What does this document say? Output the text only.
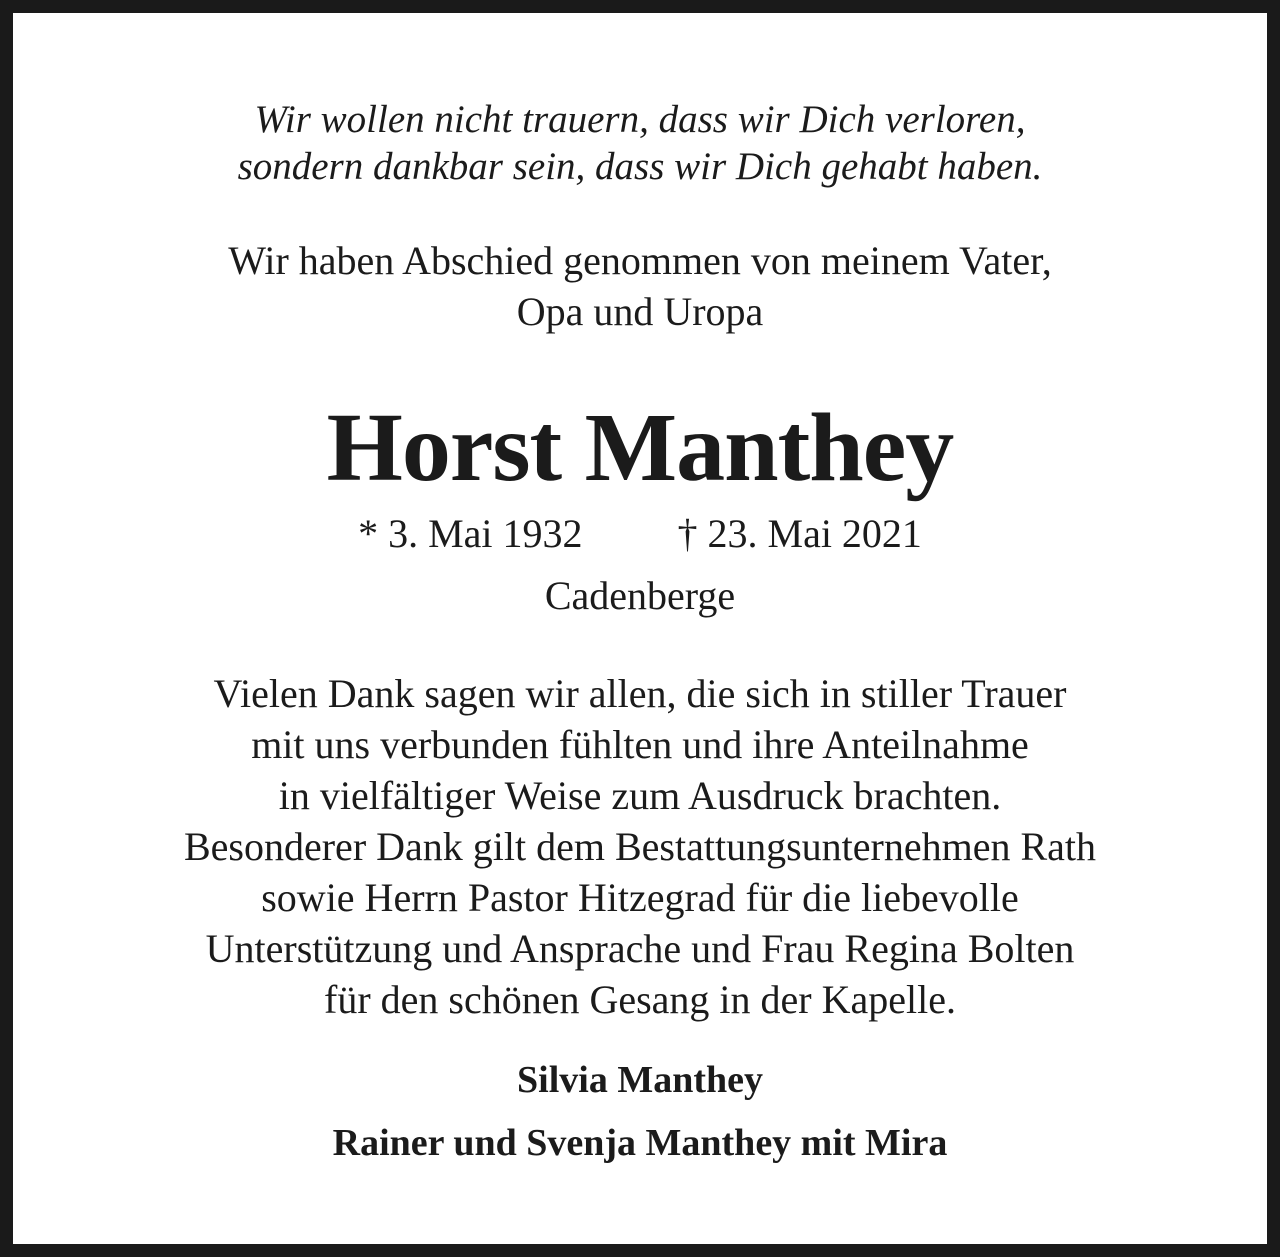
Wir wollen nicht trauern, dass wir Dich verloren,
sondern dankbar sein, dass wir Dich gehabt haben.
Wir haben Abschied genommen von meinem Vater,
Opa und Uropa
Horst Manthey
* 3. Mai 1932 † 23. Mai 2021
Cadenberge
Vielen Dank sagen wir allen, die sich in stiller Trauer
mit uns verbunden fühlten und ihre Anteilnahme
in vielfältiger Weise zum Ausdruck brachten.
Besonderer Dank gilt dem Bestattungsunternehmen Rath
sowie Herrn Pastor Hitzegrad für die liebevolle
Unterstützung und Ansprache und Frau Regina Bolten
für den schönen Gesang in der Kapelle.
Silvia Manthey
Rainer und Svenja Manthey mit Mira
